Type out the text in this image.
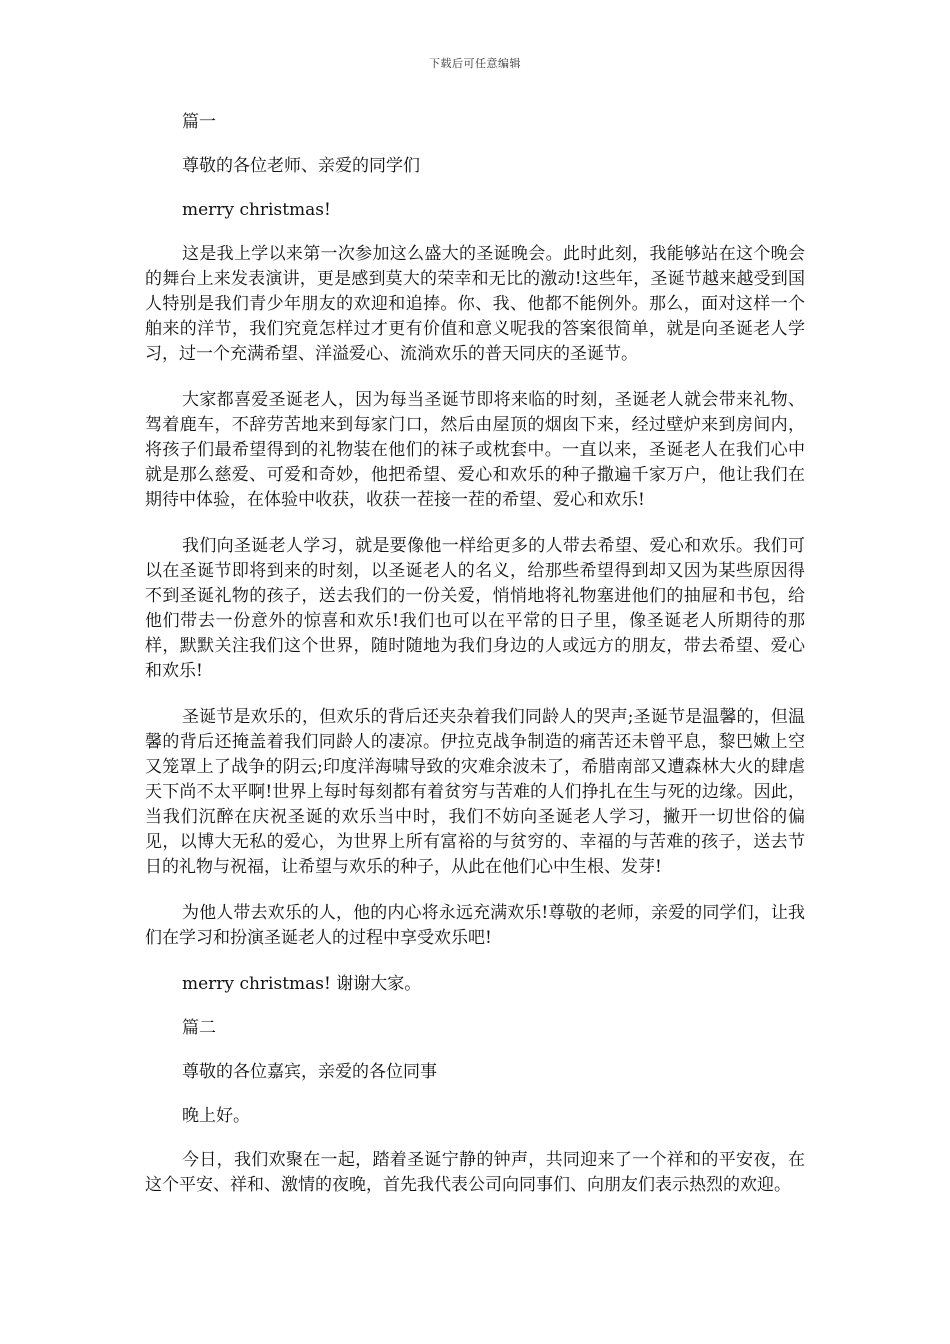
下载后可任意编辑

篇一

尊敬的各位老师、亲爱的同学们

merry christmas!

这是我上学以来第一次参加这么盛大的圣诞晚会。此时此刻，我能够站在这个晚会的舞台上来发表演讲，更是感到莫大的荣幸和无比的激动!这些年，圣诞节越来越受到国人特别是我们青少年朋友的欢迎和追捧。你、我、他都不能例外。那么，面对这样一个舶来的洋节，我们究竟怎样过才更有价值和意义呢我的答案很简单，就是向圣诞老人学习，过一个充满希望、洋溢爱心、流淌欢乐的普天同庆的圣诞节。

大家都喜爱圣诞老人，因为每当圣诞节即将来临的时刻，圣诞老人就会带来礼物、驾着鹿车，不辞劳苦地来到每家门口，然后由屋顶的烟囱下来，经过壁炉来到房间内，将孩子们最希望得到的礼物装在他们的袜子或枕套中。一直以来，圣诞老人在我们心中就是那么慈爱、可爱和奇妙，他把希望、爱心和欢乐的种子撒遍千家万户，他让我们在期待中体验，在体验中收获，收获一茬接一茬的希望、爱心和欢乐!

我们向圣诞老人学习，就是要像他一样给更多的人带去希望、爱心和欢乐。我们可以在圣诞节即将到来的时刻，以圣诞老人的名义，给那些希望得到却又因为某些原因得不到圣诞礼物的孩子，送去我们的一份关爱，悄悄地将礼物塞进他们的抽屉和书包，给他们带去一份意外的惊喜和欢乐!我们也可以在平常的日子里，像圣诞老人所期待的那样，默默关注我们这个世界，随时随地为我们身边的人或远方的朋友，带去希望、爱心和欢乐!

圣诞节是欢乐的，但欢乐的背后还夹杂着我们同龄人的哭声;圣诞节是温馨的，但温馨的背后还掩盖着我们同龄人的凄凉。伊拉克战争制造的痛苦还未曾平息，黎巴嫩上空又笼罩上了战争的阴云;印度洋海啸导致的灾难余波未了，希腊南部又遭森林大火的肆虐天下尚不太平啊!世界上每时每刻都有着贫穷与苦难的人们挣扎在生与死的边缘。因此，当我们沉醉在庆祝圣诞的欢乐当中时，我们不妨向圣诞老人学习，撇开一切世俗的偏见，以博大无私的爱心，为世界上所有富裕的与贫穷的、幸福的与苦难的孩子，送去节日的礼物与祝福，让希望与欢乐的种子，从此在他们心中生根、发芽!

为他人带去欢乐的人，他的内心将永远充满欢乐!尊敬的老师，亲爱的同学们，让我们在学习和扮演圣诞老人的过程中享受欢乐吧!

merry christmas! 谢谢大家。

篇二

尊敬的各位嘉宾，亲爱的各位同事

晚上好。

今日，我们欢聚在一起，踏着圣诞宁静的钟声，共同迎来了一个祥和的平安夜，在这个平安、祥和、激情的夜晚，首先我代表公司向同事们、向朋友们表示热烈的欢迎。
